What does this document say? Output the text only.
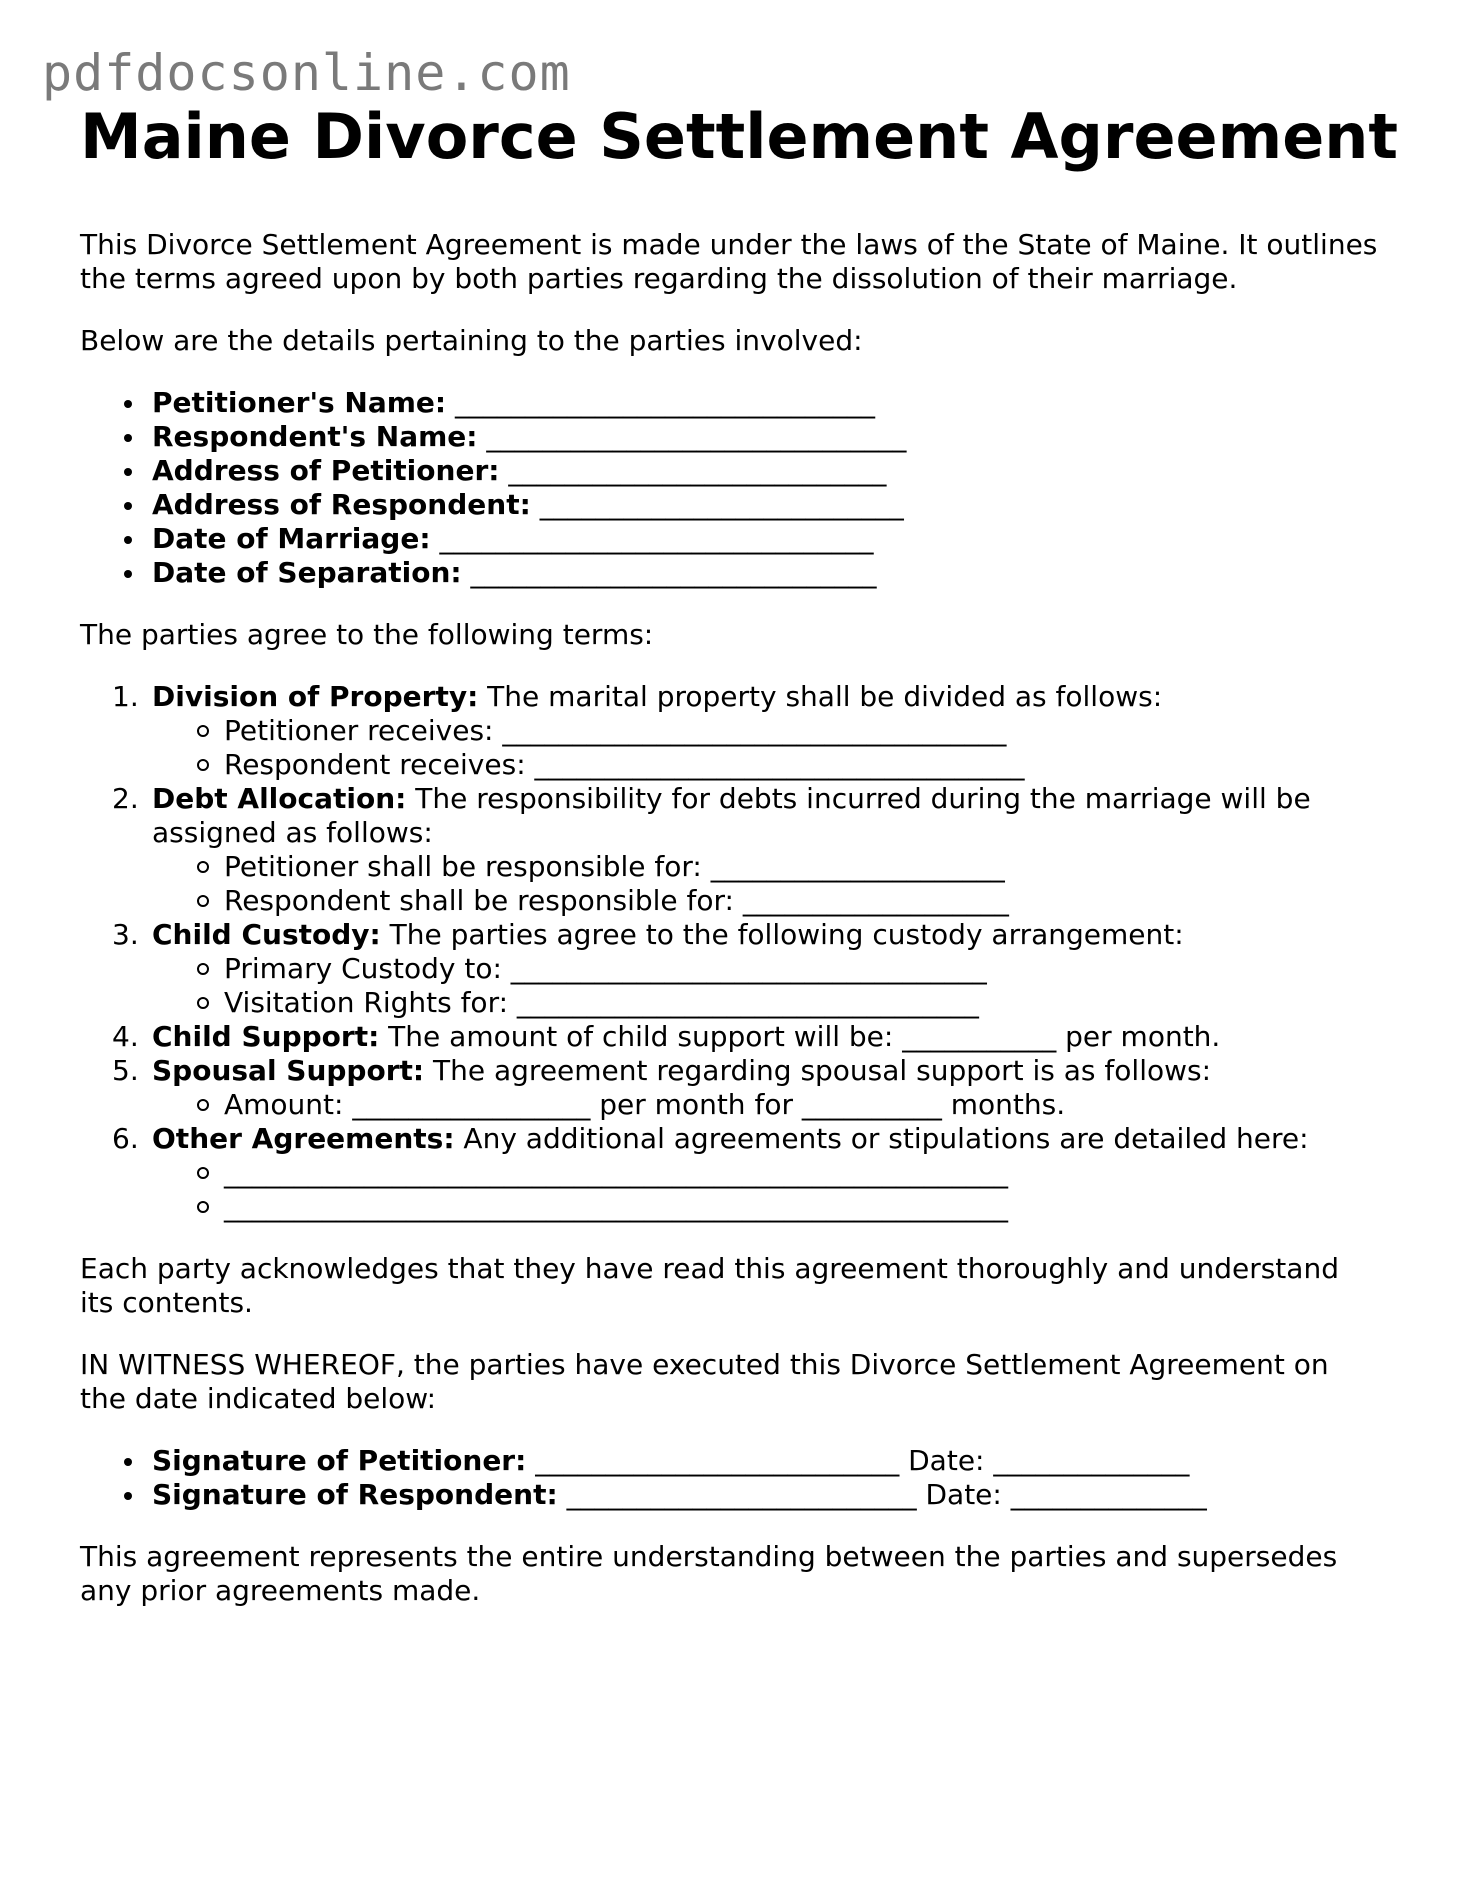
pdfdocsonline.com
Maine Divorce Settlement Agreement

This Divorce Settlement Agreement is made under the laws of the State of Maine. It outlines the terms agreed upon by both parties regarding the dissolution of their marriage.

Below are the details pertaining to the parties involved:

Petitioner's Name: ______________________________
Respondent's Name: ______________________________
Address of Petitioner: ___________________________
Address of Respondent: __________________________
Date of Marriage: _______________________________
Date of Separation: _____________________________

The parties agree to the following terms:

1. Division of Property: The marital property shall be divided as follows:
Petitioner receives: ____________________________________
Respondent receives: ___________________________________
2. Debt Allocation: The responsibility for debts incurred during the marriage will be assigned as follows:
Petitioner shall be responsible for: _____________________
Respondent shall be responsible for: ___________________
3. Child Custody: The parties agree to the following custody arrangement:
Primary Custody to: __________________________________
Visitation Rights for: _________________________________
4. Child Support: The amount of child support will be: ___________ per month.
5. Spousal Support: The agreement regarding spousal support is as follows:
Amount: _________________ per month for __________ months.
6. Other Agreements: Any additional agreements or stipulations are detailed here:
________________________________________________________
________________________________________________________

Each party acknowledges that they have read this agreement thoroughly and understand its contents.

IN WITNESS WHEREOF, the parties have executed this Divorce Settlement Agreement on the date indicated below:

Signature of Petitioner: __________________________ Date: ______________
Signature of Respondent: _________________________ Date: ______________

This agreement represents the entire understanding between the parties and supersedes any prior agreements made.
